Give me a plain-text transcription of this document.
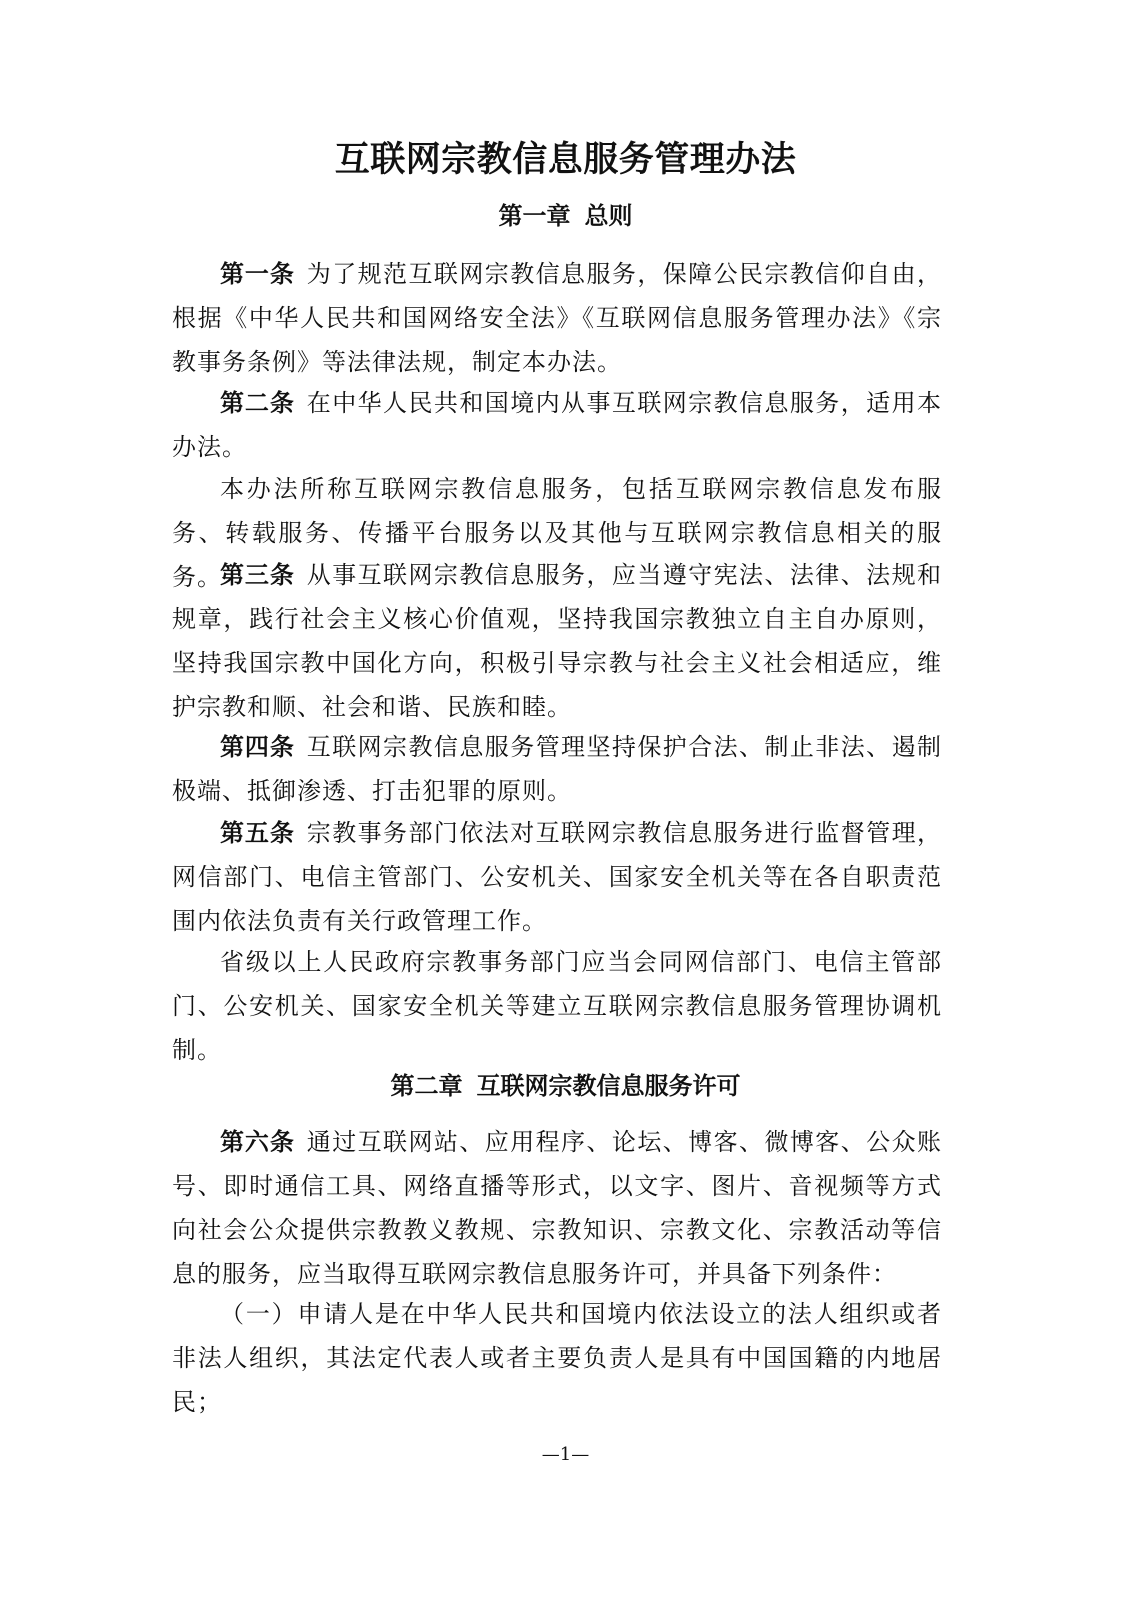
互联网宗教信息服务管理办法
第一章 总则

第一条 为了规范互联网宗教信息服务，保障公民宗教信仰自由，根据《中华人民共和国网络安全法》《互联网信息服务管理办法》《宗教事务条例》等法律法规，制定本办法。

第二条 在中华人民共和国境内从事互联网宗教信息服务，适用本办法。

本办法所称互联网宗教信息服务，包括互联网宗教信息发布服务、转载服务、传播平台服务以及其他与互联网宗教信息相关的服务。

第三条 从事互联网宗教信息服务，应当遵守宪法、法律、法规和规章，践行社会主义核心价值观，坚持我国宗教独立自主自办原则，坚持我国宗教中国化方向，积极引导宗教与社会主义社会相适应，维护宗教和顺、社会和谐、民族和睦。

第四条 互联网宗教信息服务管理坚持保护合法、制止非法、遏制极端、抵御渗透、打击犯罪的原则。

第五条 宗教事务部门依法对互联网宗教信息服务进行监督管理，网信部门、电信主管部门、公安机关、国家安全机关等在各自职责范围内依法负责有关行政管理工作。

省级以上人民政府宗教事务部门应当会同网信部门、电信主管部门、公安机关、国家安全机关等建立互联网宗教信息服务管理协调机制。

第二章 互联网宗教信息服务许可

第六条 通过互联网站、应用程序、论坛、博客、微博客、公众账号、即时通信工具、网络直播等形式，以文字、图片、音视频等方式向社会公众提供宗教教义教规、宗教知识、宗教文化、宗教活动等信息的服务，应当取得互联网宗教信息服务许可，并具备下列条件：

（一）申请人是在中华人民共和国境内依法设立的法人组织或者非法人组织，其法定代表人或者主要负责人是具有中国国籍的内地居民；

—1—
